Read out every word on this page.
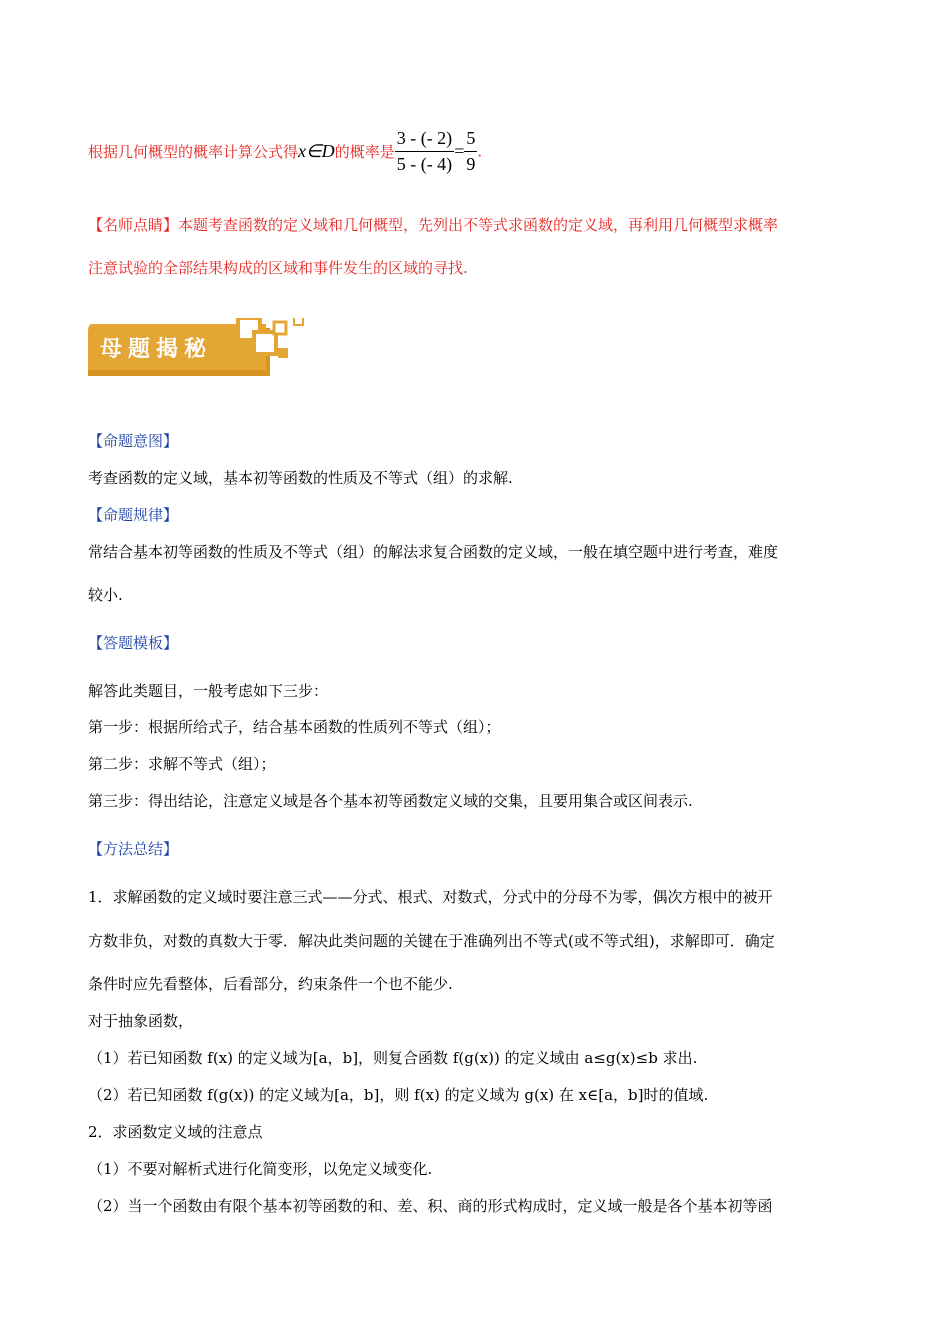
根据几何概型的概率计算公式得x∈D的概率是 $\frac{3 - (- 2)}{5 - (- 4)} = \frac{5}{9}$ .
【名师点睛】本题考查函数的定义域和几何概型，先列出不等式求函数的定义域，再利用几何概型求概率
注意试验的全部结果构成的区域和事件发生的区域的寻找.
母题揭秘
【命题意图】
考查函数的定义域，基本初等函数的性质及不等式（组）的求解.
【命题规律】
常结合基本初等函数的性质及不等式（组）的解法求复合函数的定义域，一般在填空题中进行考查，难度
较小.
【答题模板】
解答此类题目，一般考虑如下三步：
第一步：根据所给式子，结合基本函数的性质列不等式（组）；
第二步：求解不等式（组）；
第三步：得出结论，注意定义域是各个基本初等函数定义域的交集，且要用集合或区间表示.
【方法总结】
1．求解函数的定义域时要注意三式——分式、根式、对数式，分式中的分母不为零，偶次方根中的被开
方数非负，对数的真数大于零．解决此类问题的关键在于准确列出不等式(或不等式组)，求解即可．确定
条件时应先看整体，后看部分，约束条件一个也不能少.
对于抽象函数，
（1）若已知函数 f(x) 的定义域为[a，b]，则复合函数 f(g(x)) 的定义域由 a≤g(x)≤b 求出.
（2）若已知函数 f(g(x)) 的定义域为[a，b]，则 f(x) 的定义域为 g(x) 在 x∈[a，b]时的值域.
2．求函数定义域的注意点
（1）不要对解析式进行化简变形，以免定义域变化.
（2）当一个函数由有限个基本初等函数的和、差、积、商的形式构成时，定义域一般是各个基本初等函
